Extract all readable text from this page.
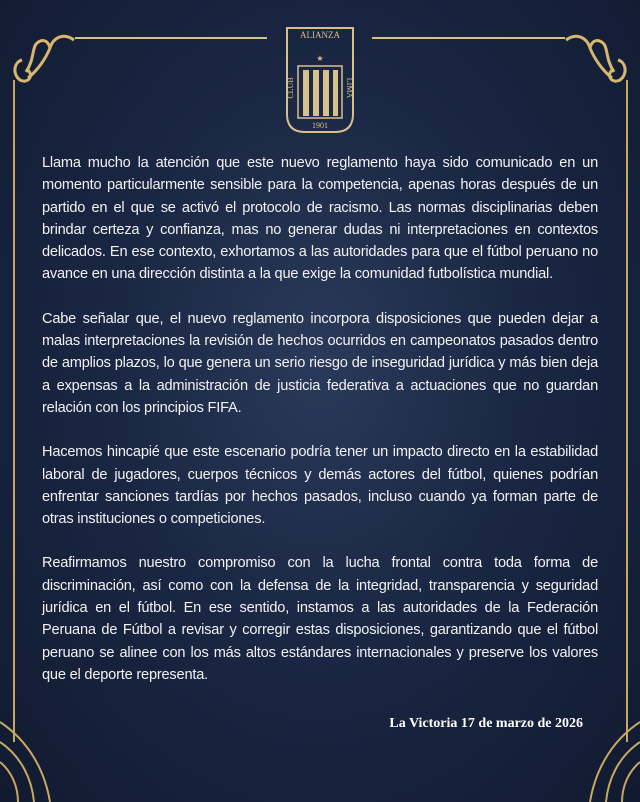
ALIANZA
★
CLUB	LIMA
1901

Llama mucho la atención que este nuevo reglamento haya sido comunicado en un momento particularmente sensible para la competencia, apenas horas después de un partido en el que se activó el protocolo de racismo. Las normas disciplinarias deben brindar certeza y confianza, mas no generar dudas ni interpretaciones en contextos delicados. En ese contexto, exhortamos a las autoridades para que el fútbol peruano no avance en una dirección distinta a la que exige la comunidad futbolística mundial.

Cabe señalar que, el nuevo reglamento incorpora disposiciones que pueden dejar a malas interpretaciones la revisión de hechos ocurridos en campeonatos pasados dentro de amplios plazos, lo que genera un serio riesgo de inseguridad jurídica y más bien deja a expensas a la administración de justicia federativa a actuaciones que no guardan relación con los principios FIFA.

Hacemos hincapié que este escenario podría tener un impacto directo en la estabilidad laboral de jugadores, cuerpos técnicos y demás actores del fútbol, quienes podrían enfrentar sanciones tardías por hechos pasados, incluso cuando ya forman parte de otras instituciones o competiciones.

Reafirmamos nuestro compromiso con la lucha frontal contra toda forma de discriminación, así como con la defensa de la integridad, transparencia y seguridad jurídica en el fútbol. En ese sentido, instamos a las autoridades de la Federación Peruana de Fútbol a revisar y corregir estas disposiciones, garantizando que el fútbol peruano se alinee con los más altos estándares internacionales y preserve los valores que el deporte representa.

La Victoria 17 de marzo de 2026
